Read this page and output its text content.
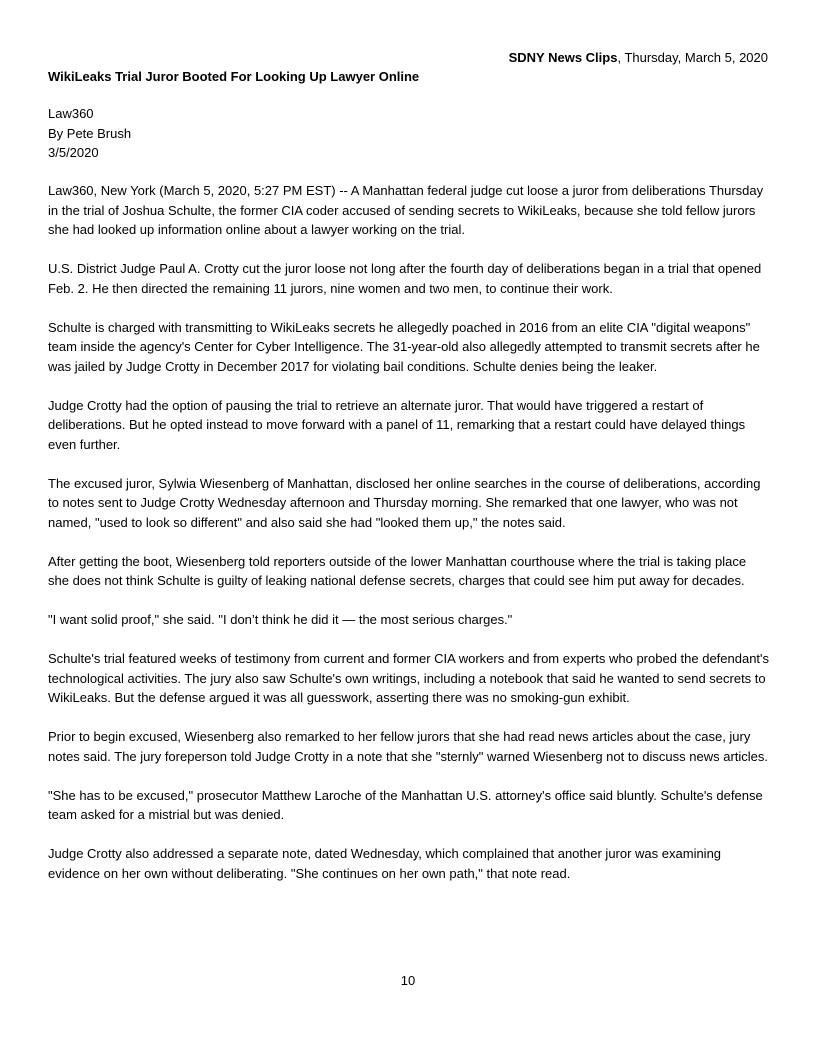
SDNY News Clips, Thursday, March 5, 2020
WikiLeaks Trial Juror Booted For Looking Up Lawyer Online
Law360
By Pete Brush
3/5/2020

Law360, New York (March 5, 2020, 5:27 PM EST) -- A Manhattan federal judge cut loose a juror from deliberations Thursday in the trial of Joshua Schulte, the former CIA coder accused of sending secrets to WikiLeaks, because she told fellow jurors she had looked up information online about a lawyer working on the trial.

U.S. District Judge Paul A. Crotty cut the juror loose not long after the fourth day of deliberations began in a trial that opened Feb. 2. He then directed the remaining 11 jurors, nine women and two men, to continue their work.

Schulte is charged with transmitting to WikiLeaks secrets he allegedly poached in 2016 from an elite CIA "digital weapons" team inside the agency's Center for Cyber Intelligence. The 31-year-old also allegedly attempted to transmit secrets after he was jailed by Judge Crotty in December 2017 for violating bail conditions. Schulte denies being the leaker.

Judge Crotty had the option of pausing the trial to retrieve an alternate juror. That would have triggered a restart of deliberations. But he opted instead to move forward with a panel of 11, remarking that a restart could have delayed things even further.

The excused juror, Sylwia Wiesenberg of Manhattan, disclosed her online searches in the course of deliberations, according to notes sent to Judge Crotty Wednesday afternoon and Thursday morning. She remarked that one lawyer, who was not named, "used to look so different" and also said she had "looked them up," the notes said.

After getting the boot, Wiesenberg told reporters outside of the lower Manhattan courthouse where the trial is taking place she does not think Schulte is guilty of leaking national defense secrets, charges that could see him put away for decades.

"I want solid proof," she said. "I don’t think he did it — the most serious charges."

Schulte's trial featured weeks of testimony from current and former CIA workers and from experts who probed the defendant's technological activities. The jury also saw Schulte's own writings, including a notebook that said he wanted to send secrets to WikiLeaks. But the defense argued it was all guesswork, asserting there was no smoking-gun exhibit.

Prior to begin excused, Wiesenberg also remarked to her fellow jurors that she had read news articles about the case, jury notes said. The jury foreperson told Judge Crotty in a note that she "sternly" warned Wiesenberg not to discuss news articles.

"She has to be excused," prosecutor Matthew Laroche of the Manhattan U.S. attorney's office said bluntly. Schulte's defense team asked for a mistrial but was denied.

Judge Crotty also addressed a separate note, dated Wednesday, which complained that another juror was examining evidence on her own without deliberating. "She continues on her own path," that note read.

10
